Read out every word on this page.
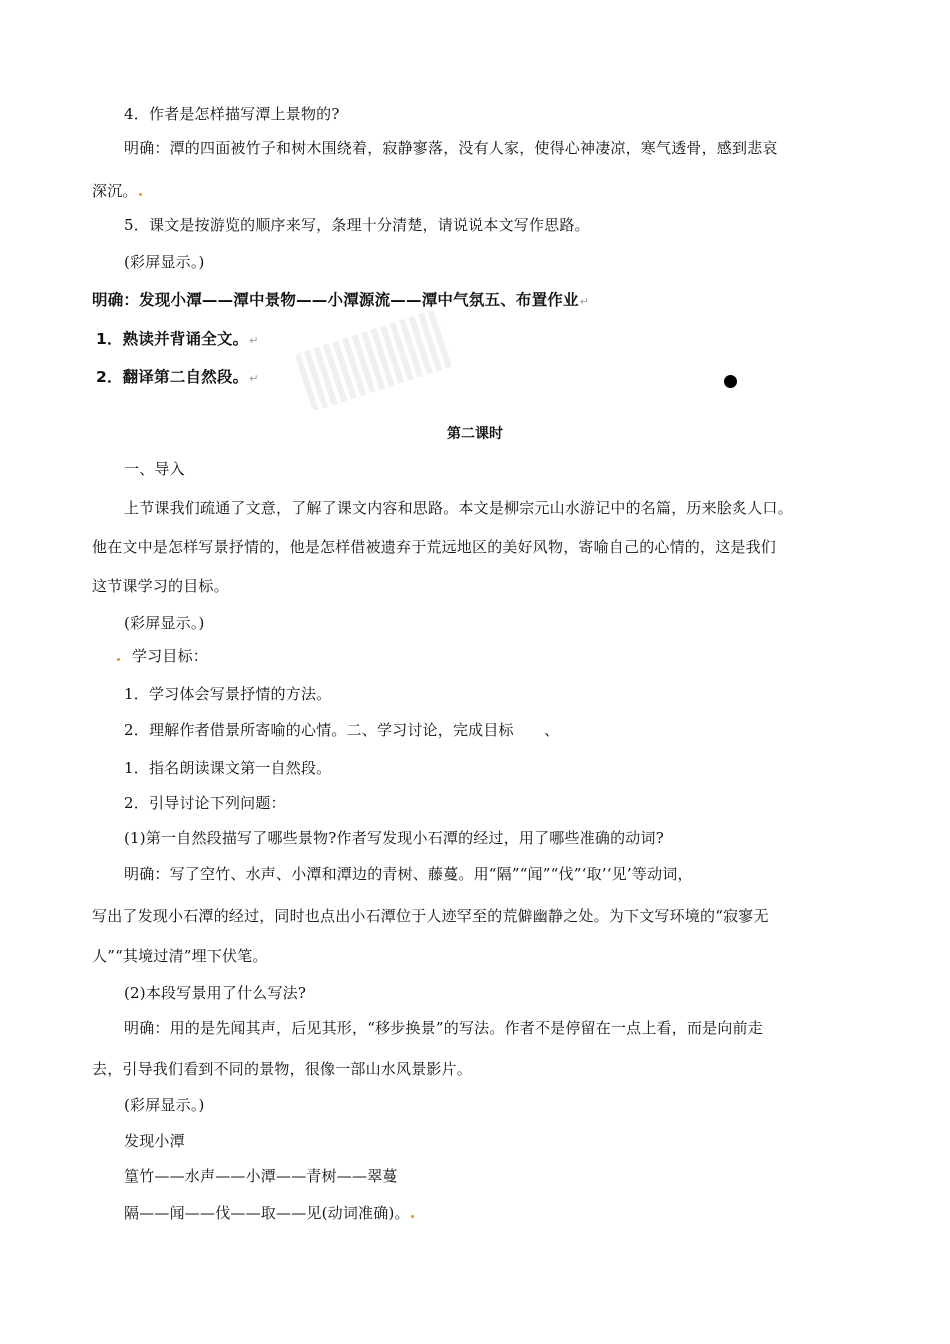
4．作者是怎样描写潭上景物的?
明确：潭的四面被竹子和树木围绕着，寂静寥落，没有人家，使得心神凄凉，寒气透骨，感到悲哀
深沉。
5．课文是按游览的顺序来写，条理十分清楚，请说说本文写作思路。
(彩屏显示。)
明确：发现小潭——潭中景物——小潭源流——潭中气氛五、布置作业↵
1．熟读并背诵全文。↵
2．翻译第二自然段。↵
第二课时
一、导入
上节课我们疏通了文意，了解了课文内容和思路。本文是柳宗元山水游记中的名篇，历来脍炙人口。
他在文中是怎样写景抒情的，他是怎样借被遗弃于荒远地区的美好风物，寄喻自己的心情的，这是我们
这节课学习的目标。
(彩屏显示。)
学习目标：
1．学习体会写景抒情的方法。
2．理解作者借景所寄喻的心情。二、学习讨论，完成目标　　、
1．指名朗读课文第一自然段。
2．引导讨论下列问题：
(1)第一自然段描写了哪些景物?作者写发现小石潭的经过，用了哪些准确的动词?
明确：写了空竹、水声、小潭和潭边的青树、藤蔓。用“隔”“闻”“伐”‘取’‘见’等动词，
写出了发现小石潭的经过，同时也点出小石潭位于人迹罕至的荒僻幽静之处。为下文写环境的“寂寥无
人”“其境过清”埋下伏笔。
(2)本段写景用了什么写法?
明确：用的是先闻其声，后见其形，“移步换景”的写法。作者不是停留在一点上看，而是向前走
去，引导我们看到不同的景物，很像一部山水风景影片。
(彩屏显示。)
发现小潭
篁竹——水声——小潭——青树——翠蔓
隔——闻——伐——取——见(动词准确)。
